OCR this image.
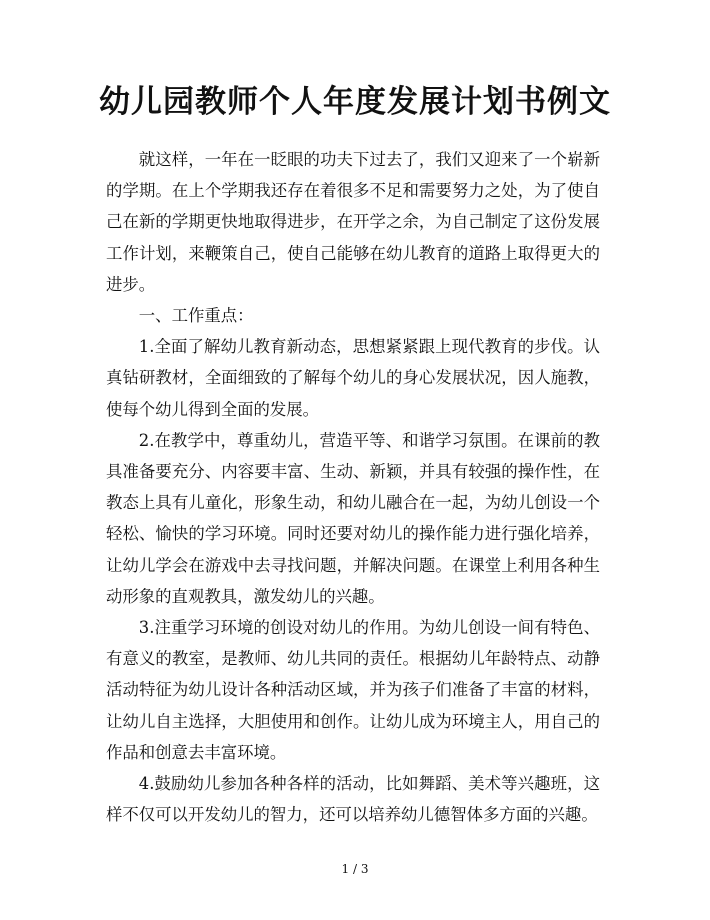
幼儿园教师个人年度发展计划书例文

就这样，一年在一眨眼的功夫下过去了，我们又迎来了一个崭新的学期。在上个学期我还存在着很多不足和需要努力之处，为了使自己在新的学期更快地取得进步，在开学之余，为自己制定了这份发展工作计划，来鞭策自己，使自己能够在幼儿教育的道路上取得更大的进步。

一、工作重点：

1.全面了解幼儿教育新动态，思想紧紧跟上现代教育的步伐。认真钻研教材，全面细致的了解每个幼儿的身心发展状况，因人施教，使每个幼儿得到全面的发展。

2.在教学中，尊重幼儿，营造平等、和谐学习氛围。在课前的教具准备要充分、内容要丰富、生动、新颖，并具有较强的操作性，在教态上具有儿童化，形象生动，和幼儿融合在一起，为幼儿创设一个轻松、愉快的学习环境。同时还要对幼儿的操作能力进行强化培养，让幼儿学会在游戏中去寻找问题，并解决问题。在课堂上利用各种生动形象的直观教具，激发幼儿的兴趣。

3.注重学习环境的创设对幼儿的作用。为幼儿创设一间有特色、有意义的教室，是教师、幼儿共同的责任。根据幼儿年龄特点、动静活动特征为幼儿设计各种活动区域，并为孩子们准备了丰富的材料，让幼儿自主选择，大胆使用和创作。让幼儿成为环境主人，用自己的作品和创意去丰富环境。

4.鼓励幼儿参加各种各样的活动，比如舞蹈、美术等兴趣班，这样不仅可以开发幼儿的智力，还可以培养幼儿德智体多方面的兴趣。

1 / 3
